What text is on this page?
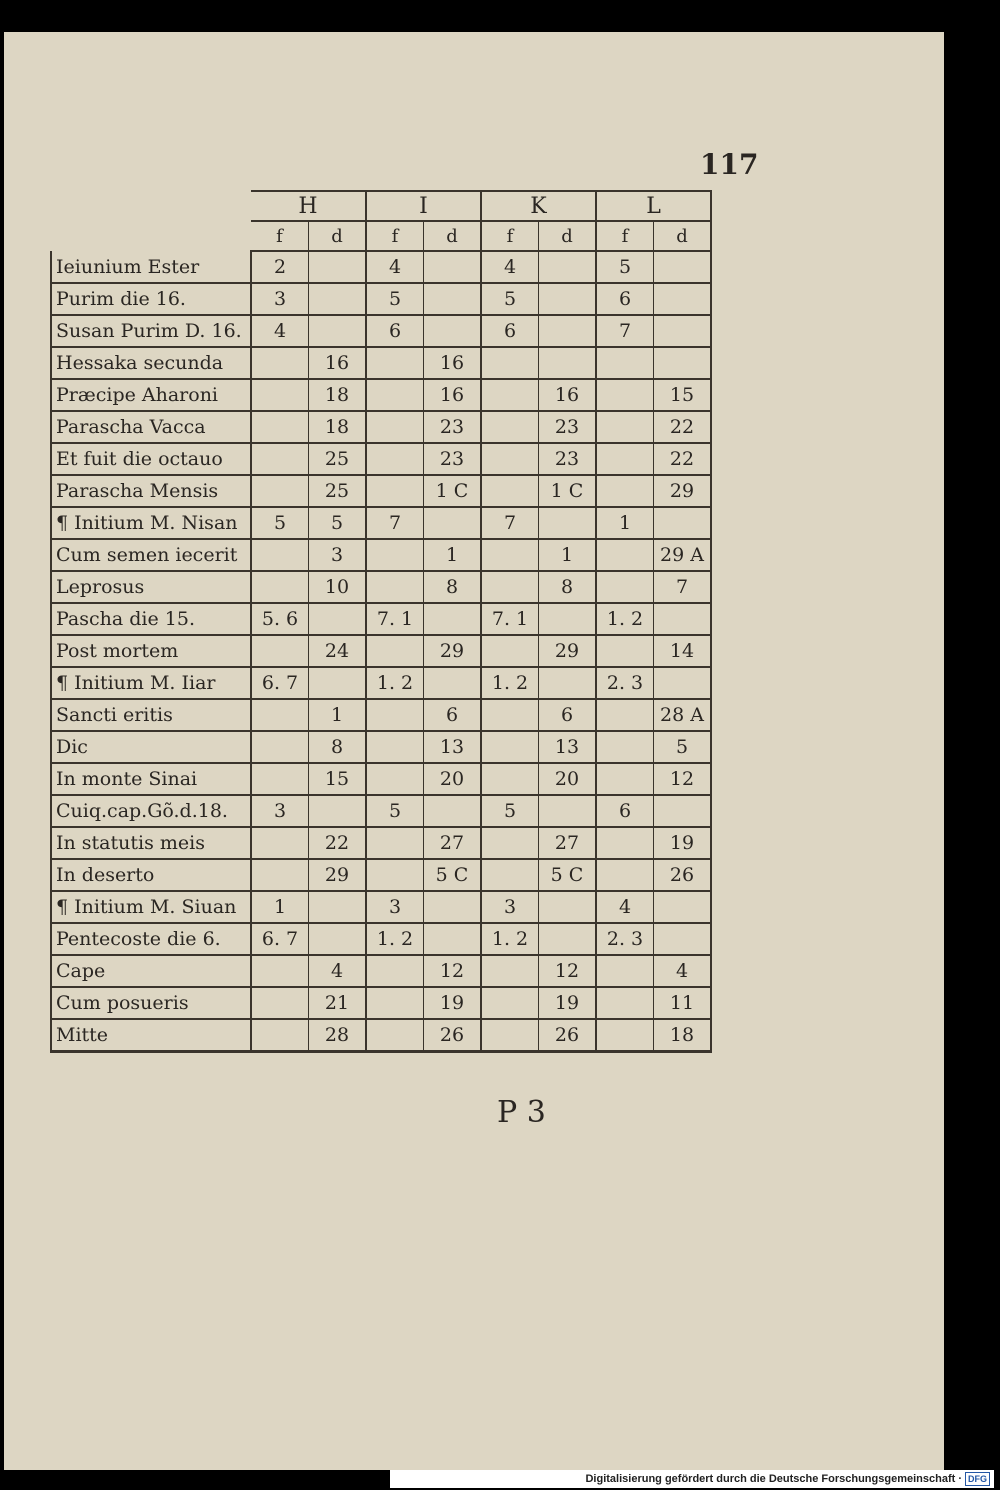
117
	H		I		K		L	
	f	d	f	d	f	d	f	d
Ieiunium Ester	2		4		4		5	
Purim die 16.	3		5		5		6	
Susan Purim D. 16.	4		6		6		7	
Hessaka secunda		16		16				
Præcipe Aharoni		18		16		16		15
Parascha Vacca		18		23		23		22
Et fuit die octauo		25		23		23		22
Parascha Mensis		25		1 C		1 C		29
¶ Initium M. Nisan	5	5	7		7		1	
Cum semen iecerit		3		1		1		29 A
Leprosus		10		8		8		7
Pascha die 15.	5. 6		7. 1		7. 1		1. 2	
Post mortem		24		29		29		14
¶ Initium M. Iiar	6. 7		1. 2		1. 2		2. 3	
Sancti eritis		1		6		6		28 A
Dic		8		13		13		5
In monte Sinai		15		20		20		12
Cuiq.cap.Gõ.d.18.	3		5		5		6	
In statutis meis		22		27		27		19
In deserto		29		5 C		5 C		26
¶ Initium M. Siuan	1		3		3		4	
Pentecoste die 6.	6. 7		1. 2		1. 2		2. 3	
Cape		4		12		12		4
Cum posueris		21		19		19		11
Mitte		28		26		26		18
P 3
Digitalisierung gefördert durch die Deutsche Forschungsgemeinschaft · DFG
